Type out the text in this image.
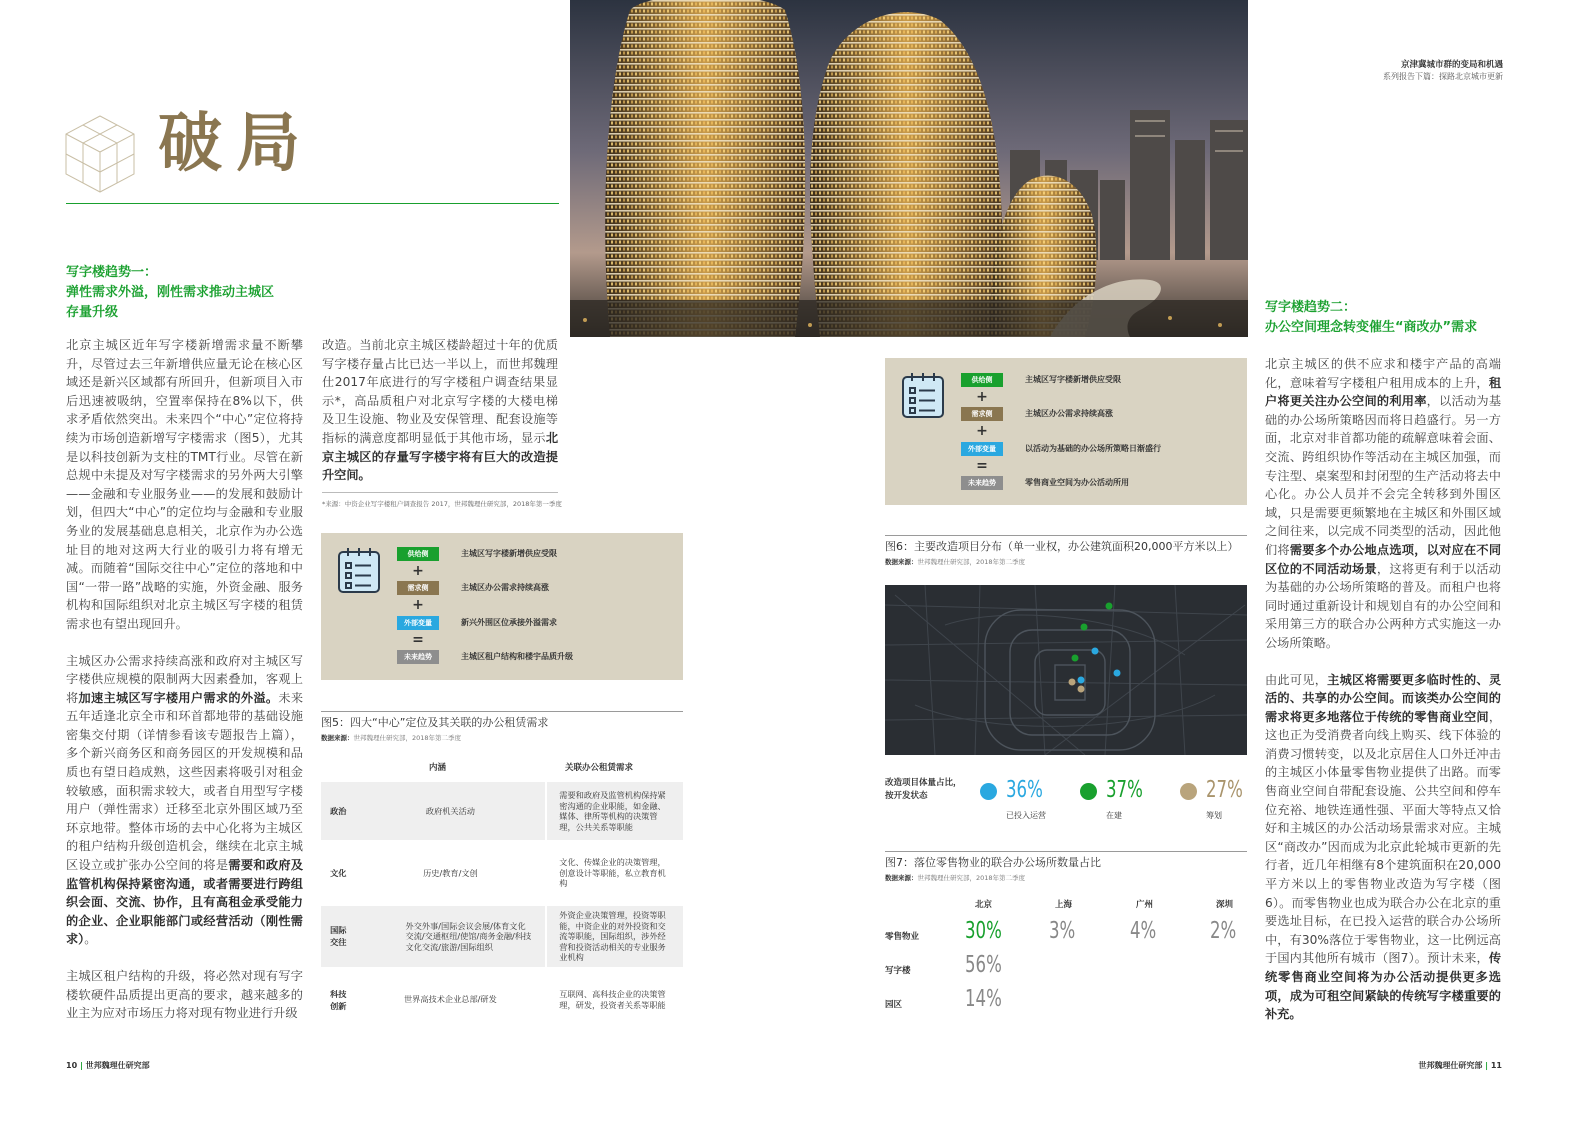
破局
写字楼趋势一：
弹性需求外溢，刚性需求推动主城区
存量升级

北京主城区近年写字楼新增需求量不断攀升，尽管过去三年新增供应量无论在核心区域还是新兴区域都有所回升，但新项目入市后迅速被吸纳，空置率保持在8%以下，供求矛盾依然突出。未来四个“中心”定位将持续为市场创造新增写字楼需求（图5），尤其是以科技创新为支柱的TMT行业。尽管在新总规中未提及对写字楼需求的另外两大引擎——金融和专业服务业——的发展和鼓励计划，但四大“中心”的定位均与金融和专业服务业的发展基础息息相关，北京作为办公选址目的地对这两大行业的吸引力将有增无减。而随着“国际交往中心”定位的落地和中国“一带一路”战略的实施，外资金融、服务机构和国际组织对北京主城区写字楼的租赁需求也有望出现回升。

主城区办公需求持续高涨和政府对主城区写字楼供应规模的限制两大因素叠加，客观上将加速主城区写字楼用户需求的外溢。未来五年适逢北京全市和环首都地带的基础设施密集交付期（详情参看该专题报告上篇），多个新兴商务区和商务园区的开发规模和品质也有望日趋成熟，这些因素将吸引对租金较敏感，面积需求较大，或者自用型写字楼用户（弹性需求）迁移至北京外围区域乃至环京地带。整体市场的去中心化将为主城区的租户结构升级创造机会，继续在北京主城区设立或扩张办公空间的将是需要和政府及监管机构保持紧密沟通，或者需要进行跨组织会面、交流、协作，且有高租金承受能力的企业、企业职能部门或经营活动（刚性需求）。

主城区租户结构的升级，将必然对现有写字楼软硬件品质提出更高的要求，越来越多的业主为应对市场压力将对现有物业进行升级

改造。当前北京主城区楼龄超过十年的优质写字楼存量占比已达一半以上，而世邦魏理仕2017年底进行的写字楼租户调查结果显示*，高品质租户对北京写字楼的大楼电梯及卫生设施、物业及安保管理、配套设施等指标的满意度都明显低于其他市场，显示北京主城区的存量写字楼宇将有巨大的改造提升空间。

*来源：中资企业写字楼租户调查报告 2017，世邦魏理仕研究部，2018年第一季度
供给侧
+
需求侧
+
外部变量
=
未来趋势
主城区写字楼新增供应受限
主城区办公需求持续高涨
新兴外围区位承接外溢需求
主城区租户结构和楼宇品质升级
图5：四大“中心”定位及其关联的办公租赁需求
数据来源：世邦魏理仕研究部，2018年第二季度
内涵	关联办公租赁需求
政治	政府机关活动	需要和政府及监管机构保持紧密沟通的企业职能，如金融、媒体、律所等机构的决策管理，公共关系等职能
文化	历史/教育/文创	文化、传媒企业的决策管理，创意设计等职能，私立教育机构
国际交往	外交外事/国际会议会展/体育文化交流/交通枢纽/使馆/商务金融/科技文化交流/旅游/国际组织	外资企业决策管理，投资等职能，中资企业的对外投资和交流等职能，国际组织，涉外经营和投资活动相关的专业服务业机构
科技创新	世界高技术企业总部/研发	互联网、高科技企业的决策管理，研发，投资者关系等职能
京津冀城市群的变局和机遇
系列报告下篇：探路北京城市更新
供给侧
+
需求侧
+
外部变量
=
未来趋势
主城区写字楼新增供应受限
主城区办公需求持续高涨
以活动为基础的办公场所策略日渐盛行
零售商业空间为办公活动所用
图6：主要改造项目分布（单一业权，办公建筑面积20,000平方米以上）
数据来源：世邦魏理仕研究部，2018年第二季度
改造项目体量占比，
按开发状态	36%
已投入运营
37%
在建
27%
筹划
图7：落位零售物业的联合办公场所数量占比
数据来源：世邦魏理仕研究部，2018年第二季度
北京	上海	广州	深圳
零售物业 30% 3% 4% 2%
写字楼 56%
园区	14%
写字楼趋势二：
办公空间理念转变催生“商改办”需求

北京主城区的供不应求和楼宇产品的高端化，意味着写字楼租户租用成本的上升，租户将更关注办公空间的利用率，以活动为基础的办公场所策略因而将日趋盛行。另一方面，北京对非首都功能的疏解意味着会面、交流、跨组织协作等活动在主城区加强，而专注型、桌案型和封闭型的生产活动将去中心化。办公人员并不会完全转移到外围区域，只是需要更频繁地在主城区和外围区域之间往来，以完成不同类型的活动，因此他们将需要多个办公地点选项，以对应在不同区位的不同活动场景，这将更有利于以活动为基础的办公场所策略的普及。而租户也将同时通过重新设计和规划自有的办公空间和采用第三方的联合办公两种方式实施这一办公场所策略。

由此可见，主城区将需要更多临时性的、灵活的、共享的办公空间。而该类办公空间的需求将更多地落位于传统的零售商业空间，这也正为受消费者向线上购买、线下体验的消费习惯转变，以及北京居住人口外迁冲击的主城区小体量零售物业提供了出路。而零售商业空间自带配套设施、公共空间和停车位充裕、地铁连通性强、平面大等特点又恰好和主城区的办公活动场景需求对应。主城区“商改办”因而成为北京此轮城市更新的先行者，近几年相继有8个建筑面积在20,000平方米以上的零售物业改造为写字楼（图6）。而零售物业也成为联合办公在北京的重要选址目标，在已投入运营的联合办公场所中，有30%落位于零售物业，这一比例远高于国内其他所有城市（图7）。预计未来，传统零售商业空间将为办公活动提供更多选项，成为可租空间紧缺的传统写字楼重要的补充。

10 | 世邦魏理仕研究部	世邦魏理仕研究部 | 11
